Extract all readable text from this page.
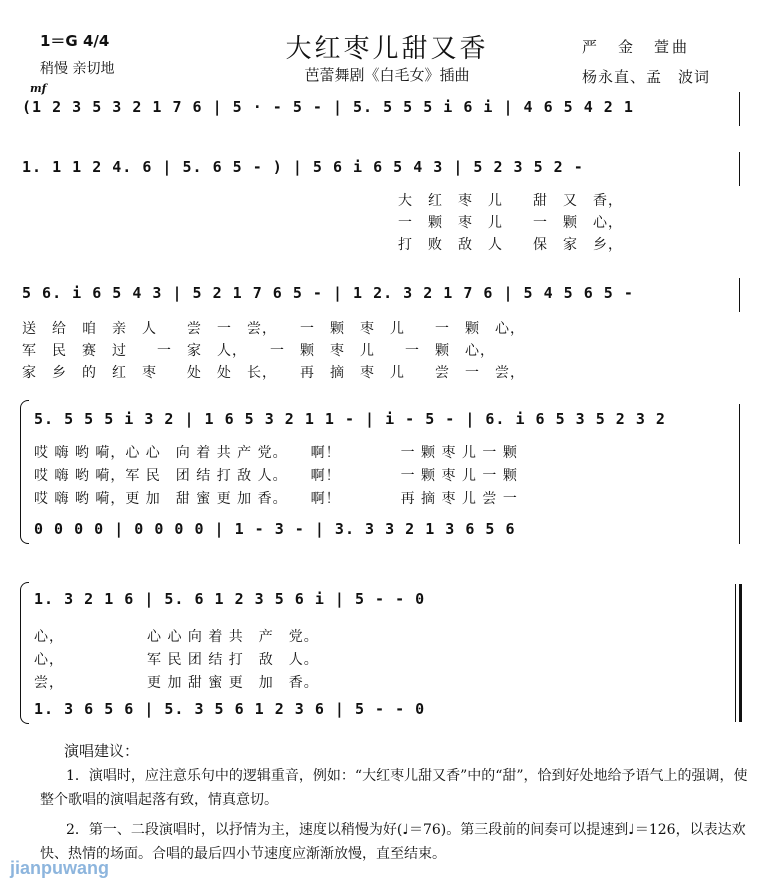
大红枣儿甜又香
芭蕾舞剧《白毛女》插曲
1＝G 4/4
稍慢 亲切地
mf
严　金　萱曲
杨永直、孟　波词
(1 2 3 5 3 2 1 7 6 | 5 · - 5 - | 5. 5 5 5 i 6 i | 4 6 5 4 2 1
1. 1 1 2 4. 6 | 5. 6 5 - ) | 5 6 i 6 5 4 3 | 5 2 3 5 2 -
大　红　枣　儿　　甜　又　香，
一　颗　枣　儿　　一　颗　心，
打　败　敌　人　　保　家　乡，
5 6. i 6 5 4 3 | 5 2 1 7 6 5 - | 1 2. 3 2 1 7 6 | 5 4 5 6 5 -
送　给　咱　亲　人　　尝　一　尝，　　一　颗　枣　儿　　一　颗　心，
军　民　赛　过　　一　家　人，　　一　颗　枣　儿　　一　颗　心，
家　乡　的　红　枣　　处　处　长，　　再　摘　枣　儿　　尝　一　尝，
5. 5 5 5 i 3 2 | 1 6 5 3 2 1 1 - | i - 5 - | 6. i 6 5 3 5 2 3 2
哎 嗨 哟 嗬，心 心　向 着 共 产 党。　　啊！　　　　一 颗 枣 儿 一 颗
哎 嗨 哟 嗬，军 民　团 结 打 敌 人。　　啊！　　　　一 颗 枣 儿 一 颗
哎 嗨 哟 嗬，更 加　甜 蜜 更 加 香。　　啊！　　　　再 摘 枣 儿 尝 一
0 0 0 0 | 0 0 0 0 | 1 - 3 - | 3. 3 3 2 1 3 6 5 6
1. 3 2 1 6 | 5. 6 1 2 3 5 6 i | 5 - - 0
心，　　　　　　心 心 向 着 共　产　党。
心，　　　　　　军 民 团 结 打　敌　人。
尝，　　　　　　更 加 甜 蜜 更　加　香。
1. 3 6 5 6 | 5. 3 5 6 1 2 3 6 | 5 - - 0
演唱建议：
1．演唱时，应注意乐句中的逻辑重音，例如：“大红枣儿甜又香”中的“甜”，恰到好处地给予语气上的强调，使整个歌唱的演唱起落有致，情真意切。
2．第一、二段演唱时，以抒情为主，速度以稍慢为好(♩＝76)。第三段前的间奏可以提速到♩＝126，以表达欢快、热情的场面。合唱的最后四小节速度应渐渐放慢，直至结束。
jianpuwang
